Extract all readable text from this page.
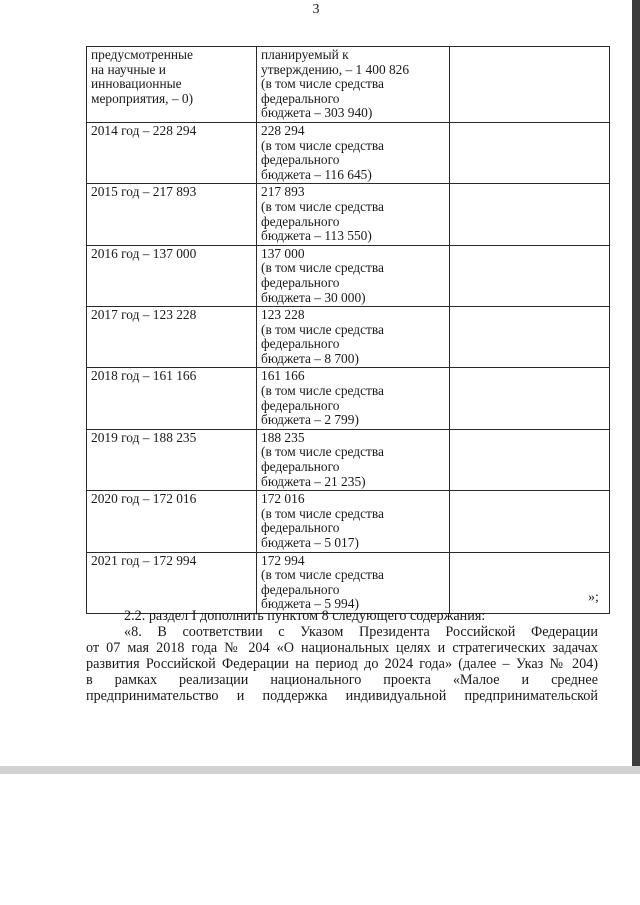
3
предусмотренные
на научные и
инновационные
мероприятия, – 0)	планируемый к
утверждению, – 1 400 826
(в том числе средства
федерального
бюджета – 303 940)	
2014 год – 228 294	228 294
(в том числе средства
федерального
бюджета – 116 645)	
2015 год – 217 893	217 893
(в том числе средства
федерального
бюджета – 113 550)	
2016 год – 137 000	137 000
(в том числе средства
федерального
бюджета – 30 000)	
2017 год – 123 228	123 228
(в том числе средства
федерального
бюджета – 8 700)	
2018 год – 161 166	161 166
(в том числе средства
федерального
бюджета – 2 799)	
2019 год – 188 235	188 235
(в том числе средства
федерального
бюджета – 21 235)	
2020 год – 172 016	172 016
(в том числе средства
федерального
бюджета – 5 017)	
2021 год – 172 994	172 994
(в том числе средства
федерального
бюджета – 5 994)		»;

2.2. раздел I дополнить пунктом 8 следующего содержания:

«8. В соответствии с Указом Президента Российской Федерации

от 07 мая 2018 года № 204 «О национальных целях и стратегических задачах

развития Российской Федерации на период до 2024 года» (далее – Указ № 204)

в рамках реализации национального проекта «Малое и среднее

предпринимательство и поддержка индивидуальной предпринимательской
